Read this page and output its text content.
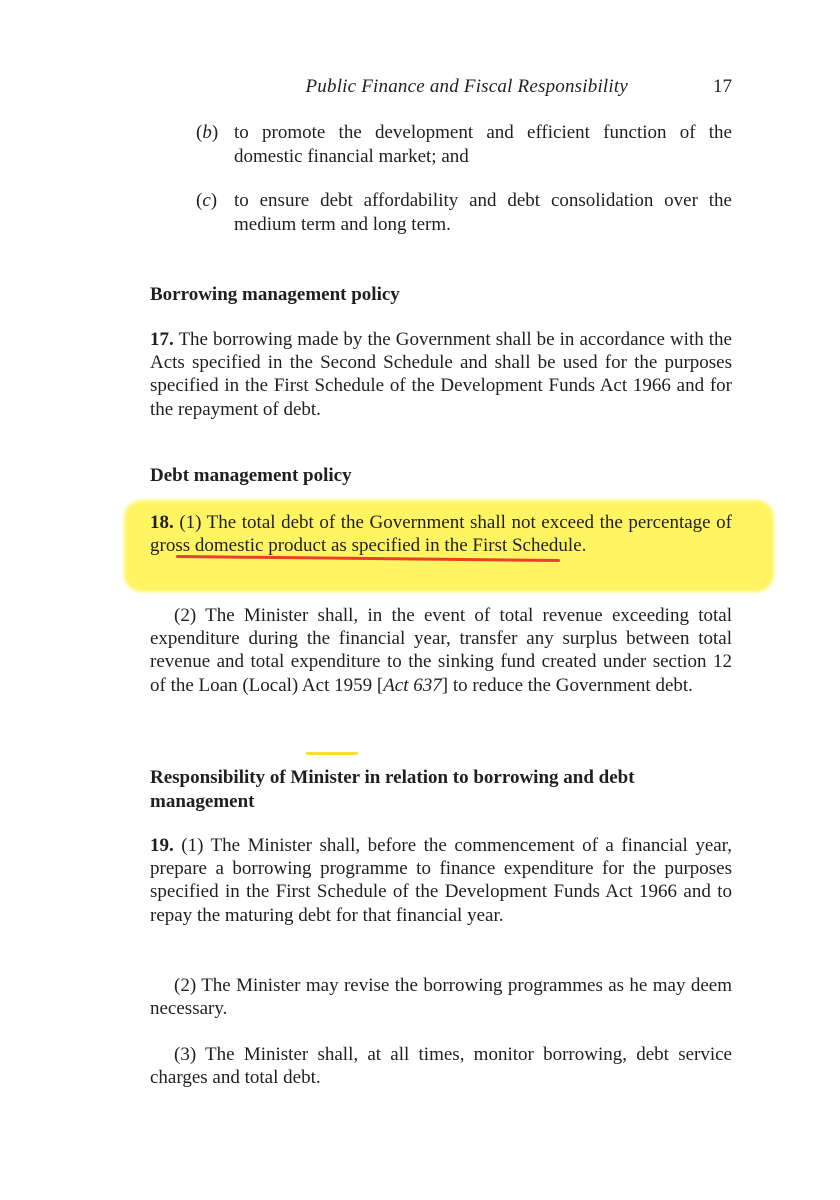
Public Finance and Fiscal Responsibility	17
(b) to promote the development and efficient function of the domestic financial market; and
(c) to ensure debt affordability and debt consolidation over the medium term and long term.
Borrowing management policy
17. The borrowing made by the Government shall be in accordance with the Acts specified in the Second Schedule and shall be used for the purposes specified in the First Schedule of the Development Funds Act 1966 and for the repayment of debt.
Debt management policy
18. (1) The total debt of the Government shall not exceed the percentage of gross domestic product as specified in the First Schedule.
(2) The Minister shall, in the event of total revenue exceeding total expenditure during the financial year, transfer any surplus between total revenue and total expenditure to the sinking fund created under section 12 of the Loan (Local) Act 1959 [Act 637] to reduce the Government debt.
Responsibility of Minister in relation to borrowing and debt management
19. (1) The Minister shall, before the commencement of a financial year, prepare a borrowing programme to finance expenditure for the purposes specified in the First Schedule of the Development Funds Act 1966 and to repay the maturing debt for that financial year.
(2) The Minister may revise the borrowing programmes as he may deem necessary.
(3) The Minister shall, at all times, monitor borrowing, debt service charges and total debt.
